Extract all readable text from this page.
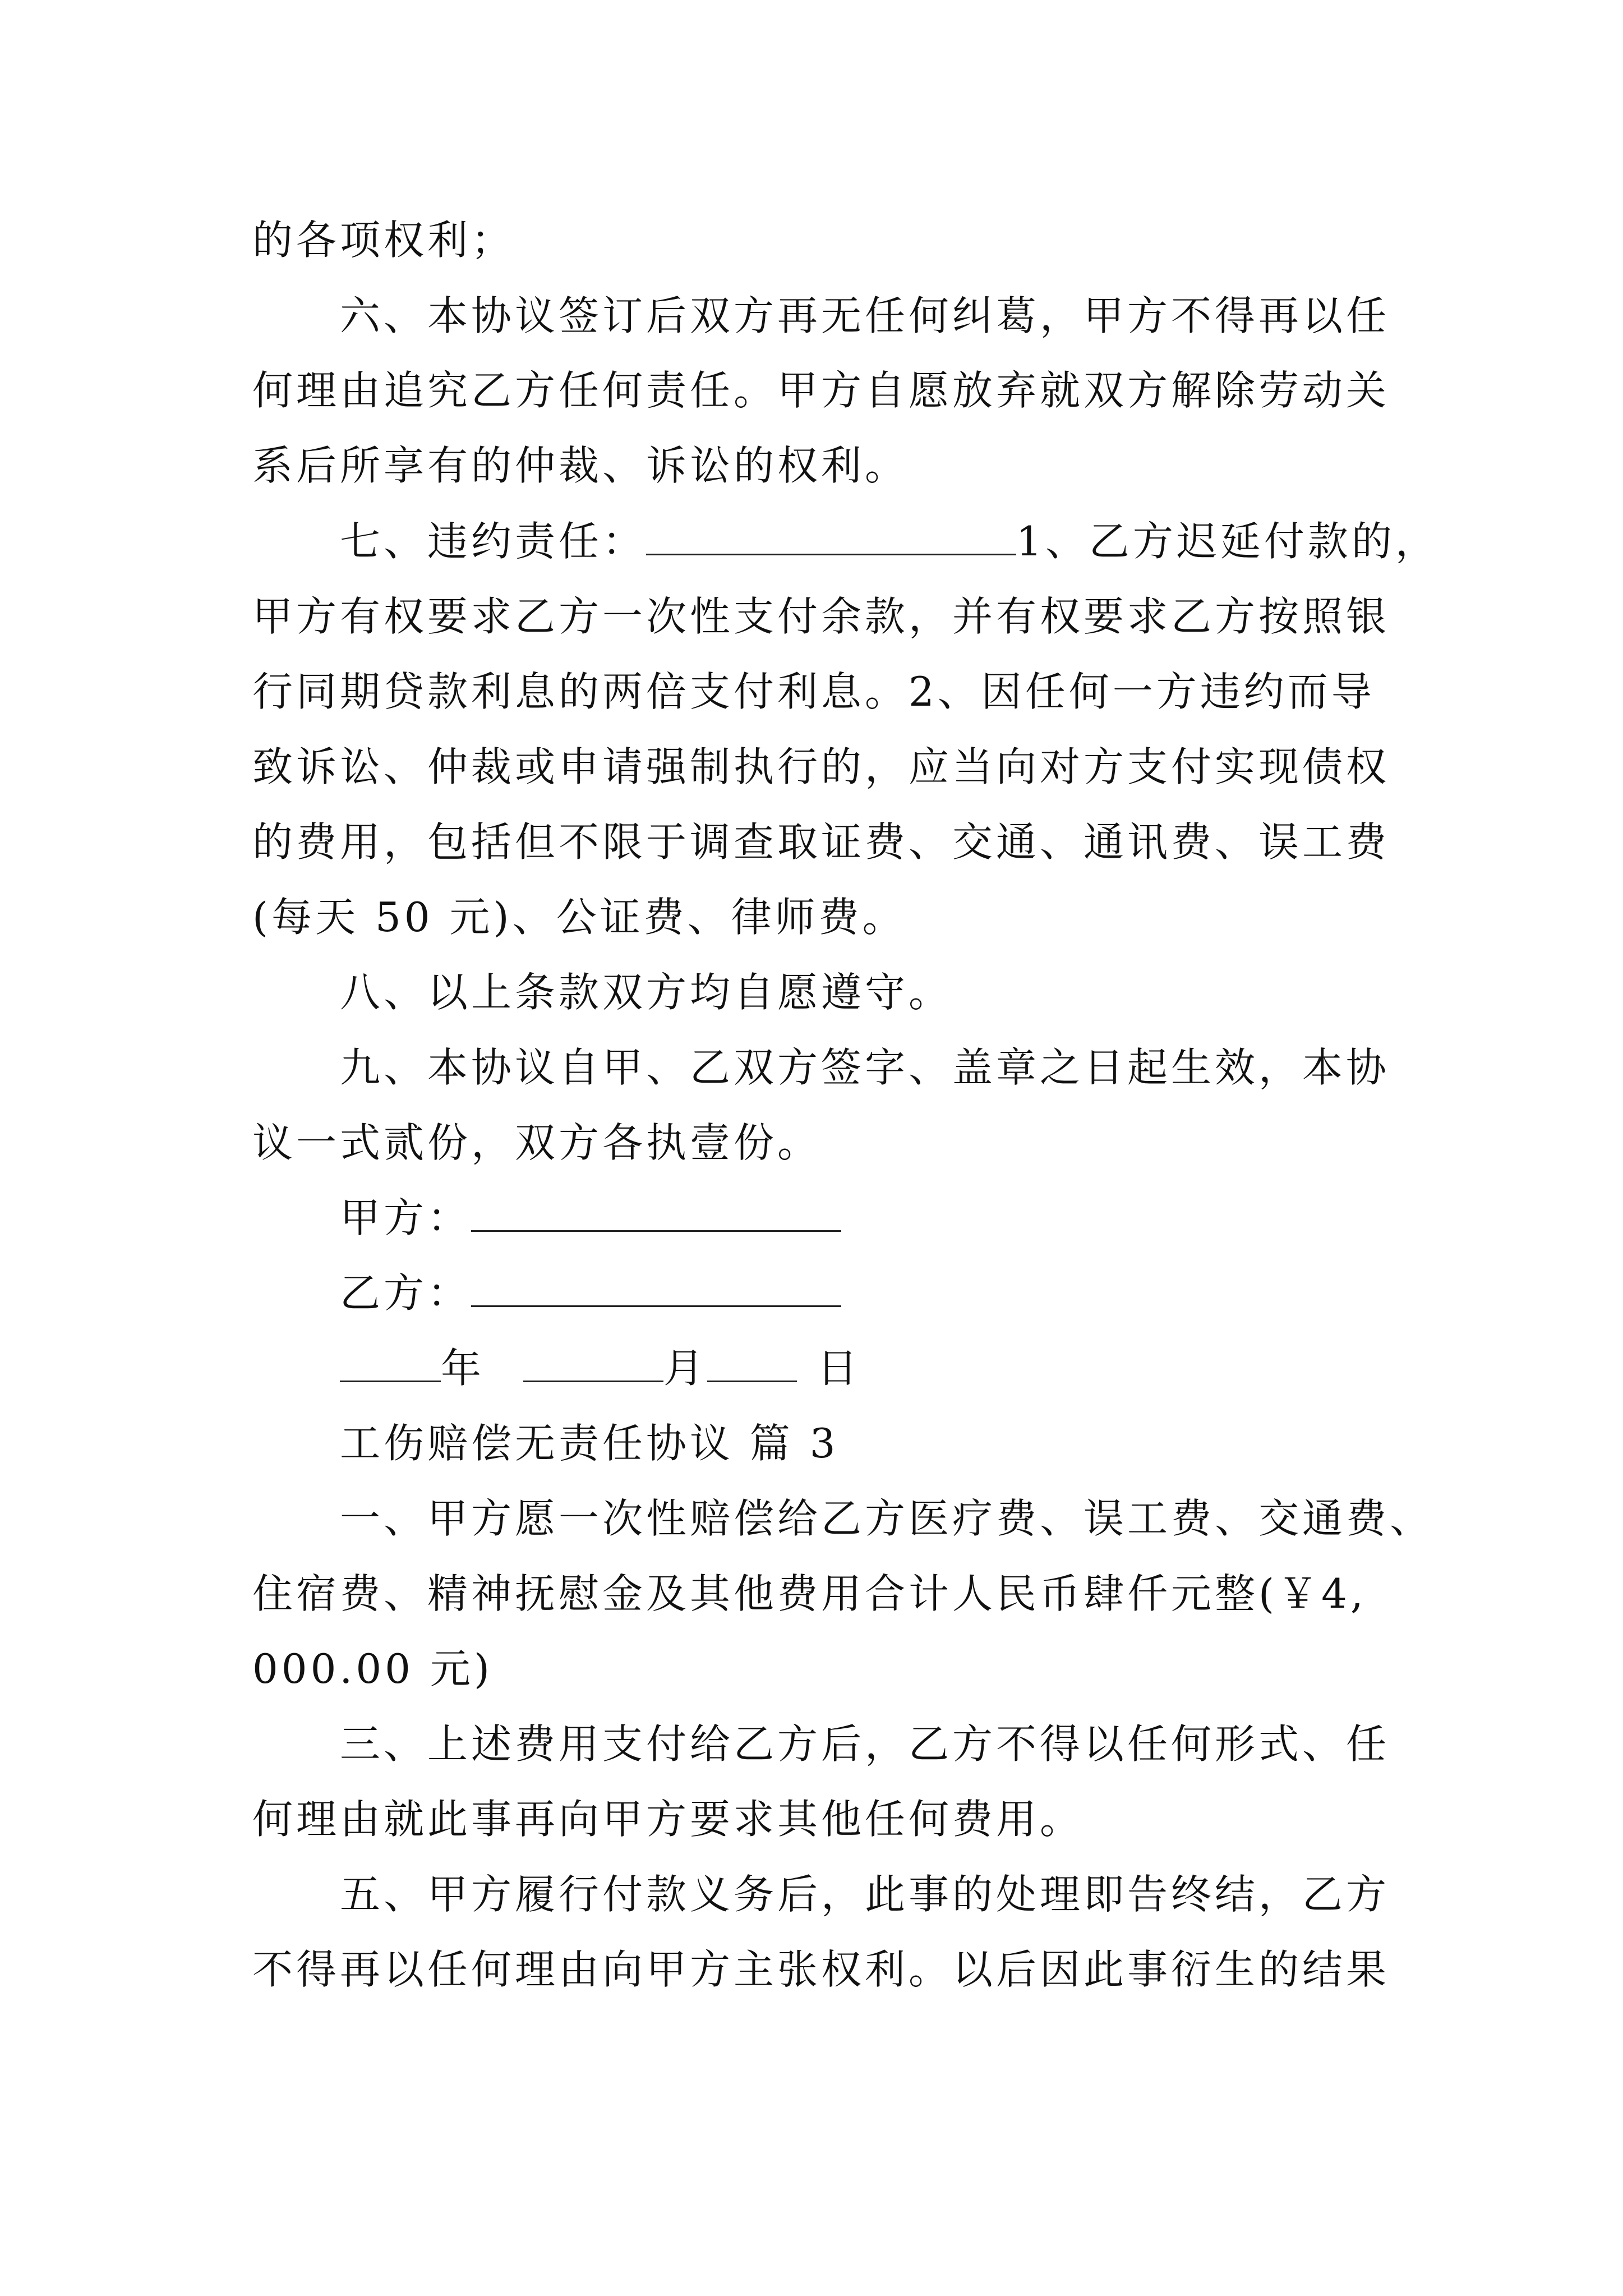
的各项权利；
六、本协议签订后双方再无任何纠葛，甲方不得再以任
何理由追究乙方任何责任。甲方自愿放弃就双方解除劳动关
系后所享有的仲裁、诉讼的权利。
七、违约责任：	1、乙方迟延付款的，
甲方有权要求乙方一次性支付余款，并有权要求乙方按照银
行同期贷款利息的两倍支付利息。2、因任何一方违约而导
致诉讼、仲裁或申请强制执行的，应当向对方支付实现债权
的费用，包括但不限于调查取证费、交通、通讯费、误工费
(每天 50 元)、公证费、律师费。
八、以上条款双方均自愿遵守。
九、本协议自甲、乙双方签字、盖章之日起生效，本协
议一式贰份，双方各执壹份。
甲方：
乙方：
年	月	日
工伤赔偿无责任协议 篇 3
一、甲方愿一次性赔偿给乙方医疗费、误工费、交通费、
住宿费、精神抚慰金及其他费用合计人民币肆仟元整(￥4,
000.00 元)
三、上述费用支付给乙方后，乙方不得以任何形式、任
何理由就此事再向甲方要求其他任何费用。
五、甲方履行付款义务后，此事的处理即告终结，乙方
不得再以任何理由向甲方主张权利。以后因此事衍生的结果
